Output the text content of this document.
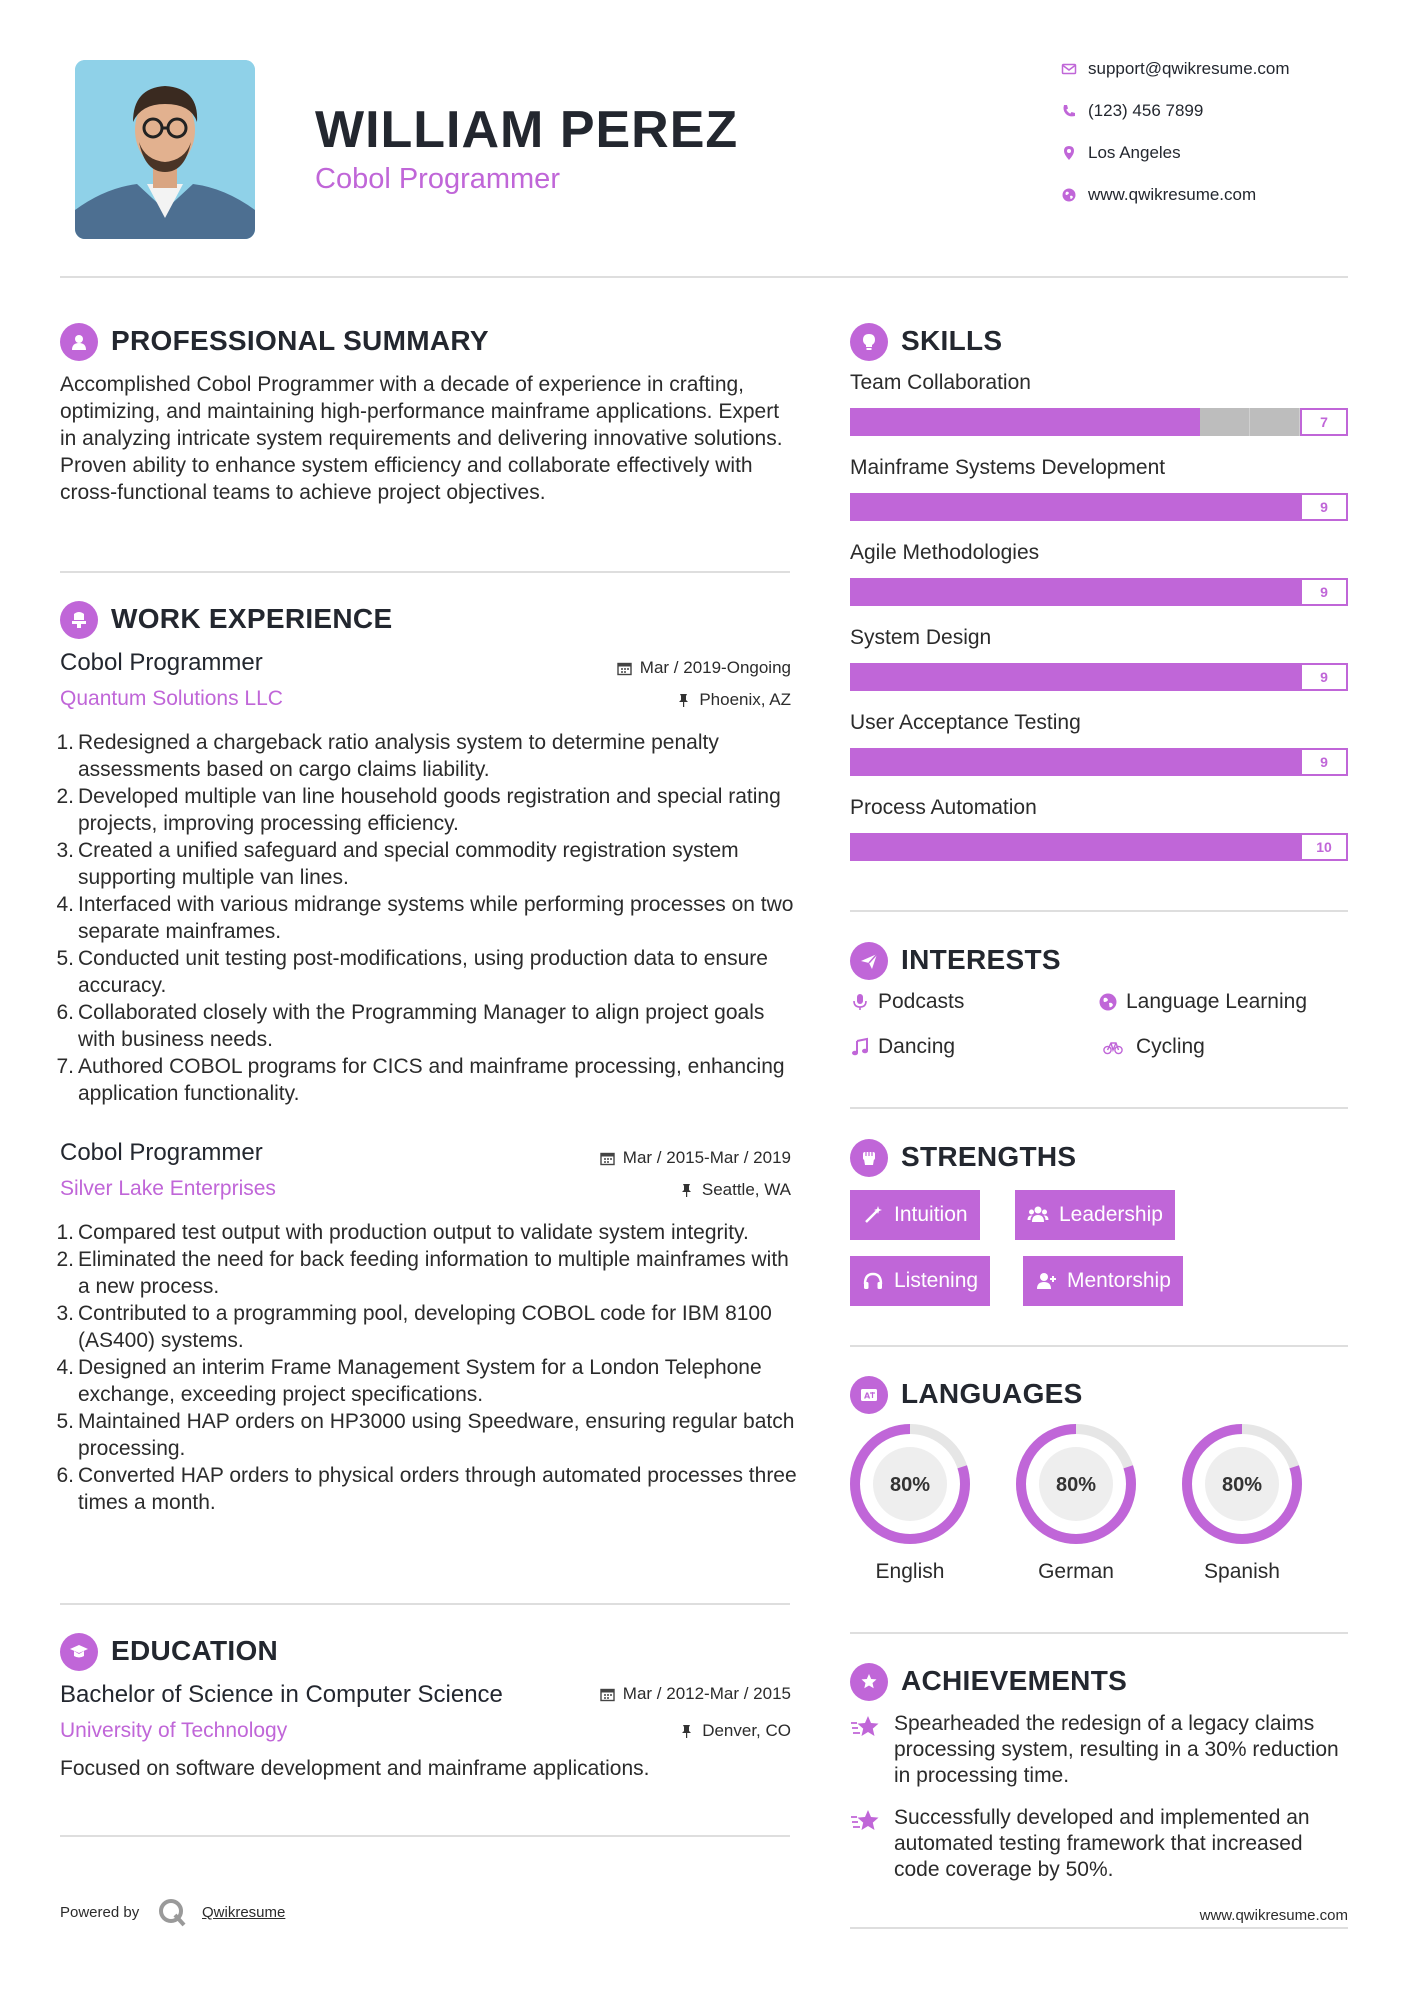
WILLIAM PEREZ
Cobol Programmer
support@qwikresume.com
(123) 456 7899
Los Angeles
www.qwikresume.com
PROFESSIONAL SUMMARY
Accomplished Cobol Programmer with a decade of experience in crafting, optimizing, and maintaining high-performance mainframe applications. Expert in analyzing intricate system requirements and delivering innovative solutions. Proven ability to enhance system efficiency and collaborate effectively with cross-functional teams to achieve project objectives.
WORK EXPERIENCE
Cobol Programmer	Mar / 2019-Ongoing
Quantum Solutions LLC	Phoenix, AZ
Redesigned a chargeback ratio analysis system to determine penalty assessments based on cargo claims liability.
Developed multiple van line household goods registration and special rating projects, improving processing efficiency.
Created a unified safeguard and special commodity registration system supporting multiple van lines.
Interfaced with various midrange systems while performing processes on two separate mainframes.
Conducted unit testing post-modifications, using production data to ensure accuracy.
Collaborated closely with the Programming Manager to align project goals with business needs.
Authored COBOL programs for CICS and mainframe processing, enhancing application functionality.
Cobol Programmer	Mar / 2015-Mar / 2019
Silver Lake Enterprises	Seattle, WA
Compared test output with production output to validate system integrity.
Eliminated the need for back feeding information to multiple mainframes with a new process.
Contributed to a programming pool, developing COBOL code for IBM 8100 (AS400) systems.
Designed an interim Frame Management System for a London Telephone exchange, exceeding project specifications.
Maintained HAP orders on HP3000 using Speedware, ensuring regular batch processing.
Converted HAP orders to physical orders through automated processes three times a month.
EDUCATION
Bachelor of Science in Computer Science	Mar / 2012-Mar / 2015
University of Technology	Denver, CO
Focused on software development and mainframe applications.
Powered by	Qwikresume
SKILLS
Team Collaboration
7
Mainframe Systems Development
9
Agile Methodologies
9
System Design
9
User Acceptance Testing
9
Process Automation
10
INTERESTS
Podcasts	Language Learning
Dancing	Cycling
STRENGTHS
Intuition	Leadership
Listening	Mentorship
A LANGUAGES
80%
English
80%
German
80%
Spanish
ACHIEVEMENTS
Spearheaded the redesign of a legacy claims processing system, resulting in a 30% reduction in processing time.
Successfully developed and implemented an automated testing framework that increased code coverage by 50%.
www.qwikresume.com
